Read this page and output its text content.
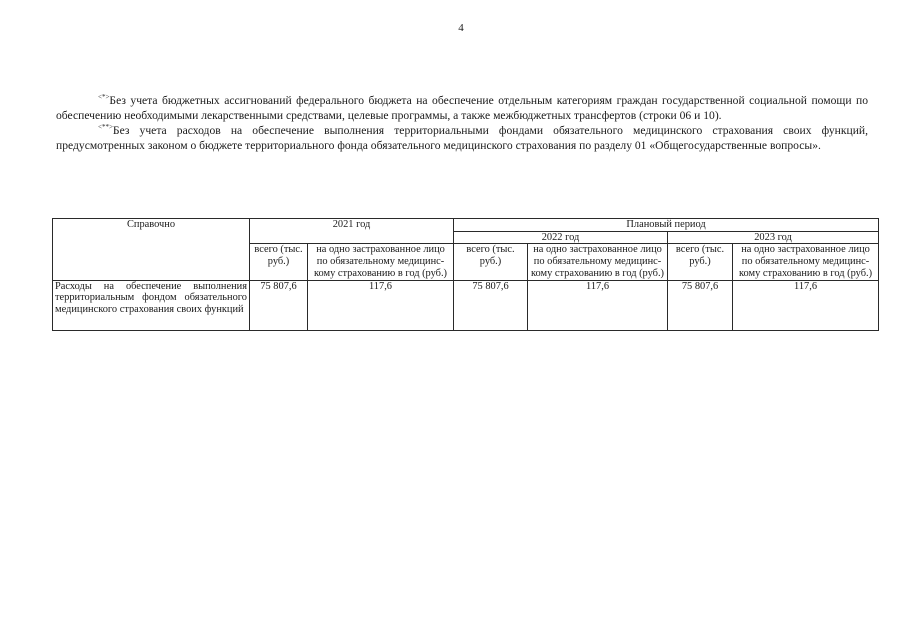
4

<*>Без учета бюджетных ассигнований федерального бюджета на обеспечение отдельным категориям граждан государственной социальной помощи по обеспечению необходимыми лекарственными средствами, целевые программы, а также межбюджетных трансфертов (строки 06 и 10).

<**>Без учета расходов на обеспечение выполнения территориальными фондами обязательного медицинского страхования своих функций, предусмотренных законом о бюджете территориального фонда обязательного медицинского страхования по разделу 01 «Общегосударственные вопросы».

Справочно	2021 год		Плановый период			
			2022 год		2023 год	
	всего (тыс. руб.)	на одно застрахованное лицо по обязательному медицинс-кому страхованию в год (руб.)	всего (тыс. руб.)	на одно застрахованное лицо по обязательному медицинс-кому страхованию в год (руб.)	всего (тыс. руб.)	на одно застрахованное лицо по обязательному медицинс-кому страхованию в год (руб.)
Расходы на обеспечение выполнения территориальным фондом обязательного медицинского страхования своих функций	75 807,6	117,6	75 807,6	117,6	75 807,6	117,6
